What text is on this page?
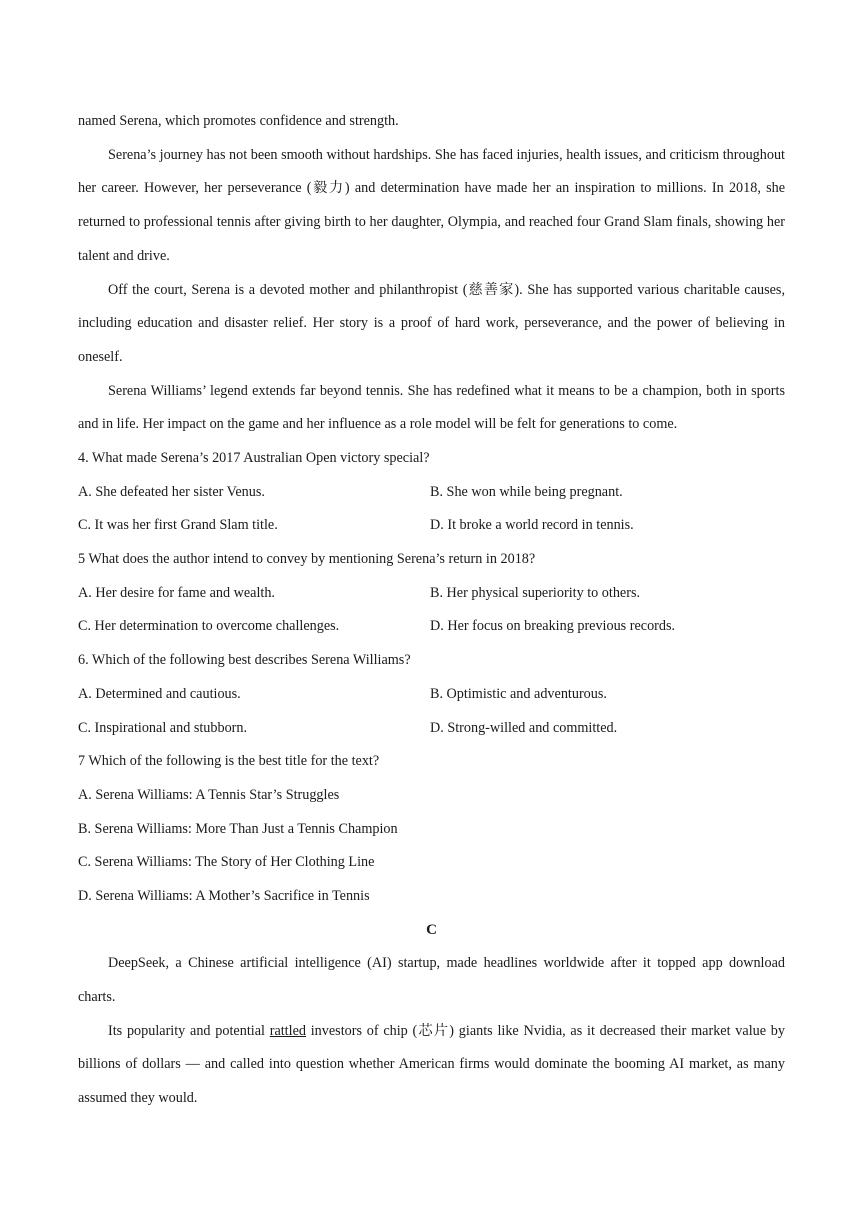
named Serena, which promotes confidence and strength.
Serena’s journey has not been smooth without hardships. She has faced injuries, health issues, and criticism throughout her career. However, her perseverance (毅力) and determination have made her an inspiration to millions. In 2018, she returned to professional tennis after giving birth to her daughter, Olympia, and reached four Grand Slam finals, showing her talent and drive.
Off the court, Serena is a devoted mother and philanthropist (慈善家). She has supported various charitable causes, including education and disaster relief. Her story is a proof of hard work, perseverance, and the power of believing in oneself.
Serena Williams’ legend extends far beyond tennis. She has redefined what it means to be a champion, both in sports and in life. Her impact on the game and her influence as a role model will be felt for generations to come.
4. What made Serena’s 2017 Australian Open victory special?
A. She defeated her sister Venus.	B. She won while being pregnant.
C. It was her first Grand Slam title.	D. It broke a world record in tennis.
5 What does the author intend to convey by mentioning Serena’s return in 2018?
A. Her desire for fame and wealth.	B. Her physical superiority to others.
C. Her determination to overcome challenges.	D. Her focus on breaking previous records.
6. Which of the following best describes Serena Williams?
A. Determined and cautious.	B. Optimistic and adventurous.
C. Inspirational and stubborn.	D. Strong-willed and committed.
7 Which of the following is the best title for the text?
A. Serena Williams: A Tennis Star’s Struggles
B. Serena Williams: More Than Just a Tennis Champion
C. Serena Williams: The Story of Her Clothing Line
D. Serena Williams: A Mother’s Sacrifice in Tennis
C
DeepSeek, a Chinese artificial intelligence (AI) startup, made headlines worldwide after it topped app download charts.
Its popularity and potential rattled investors of chip (芯片) giants like Nvidia, as it decreased their market value by billions of dollars — and called into question whether American firms would dominate the booming AI market, as many assumed they would.
